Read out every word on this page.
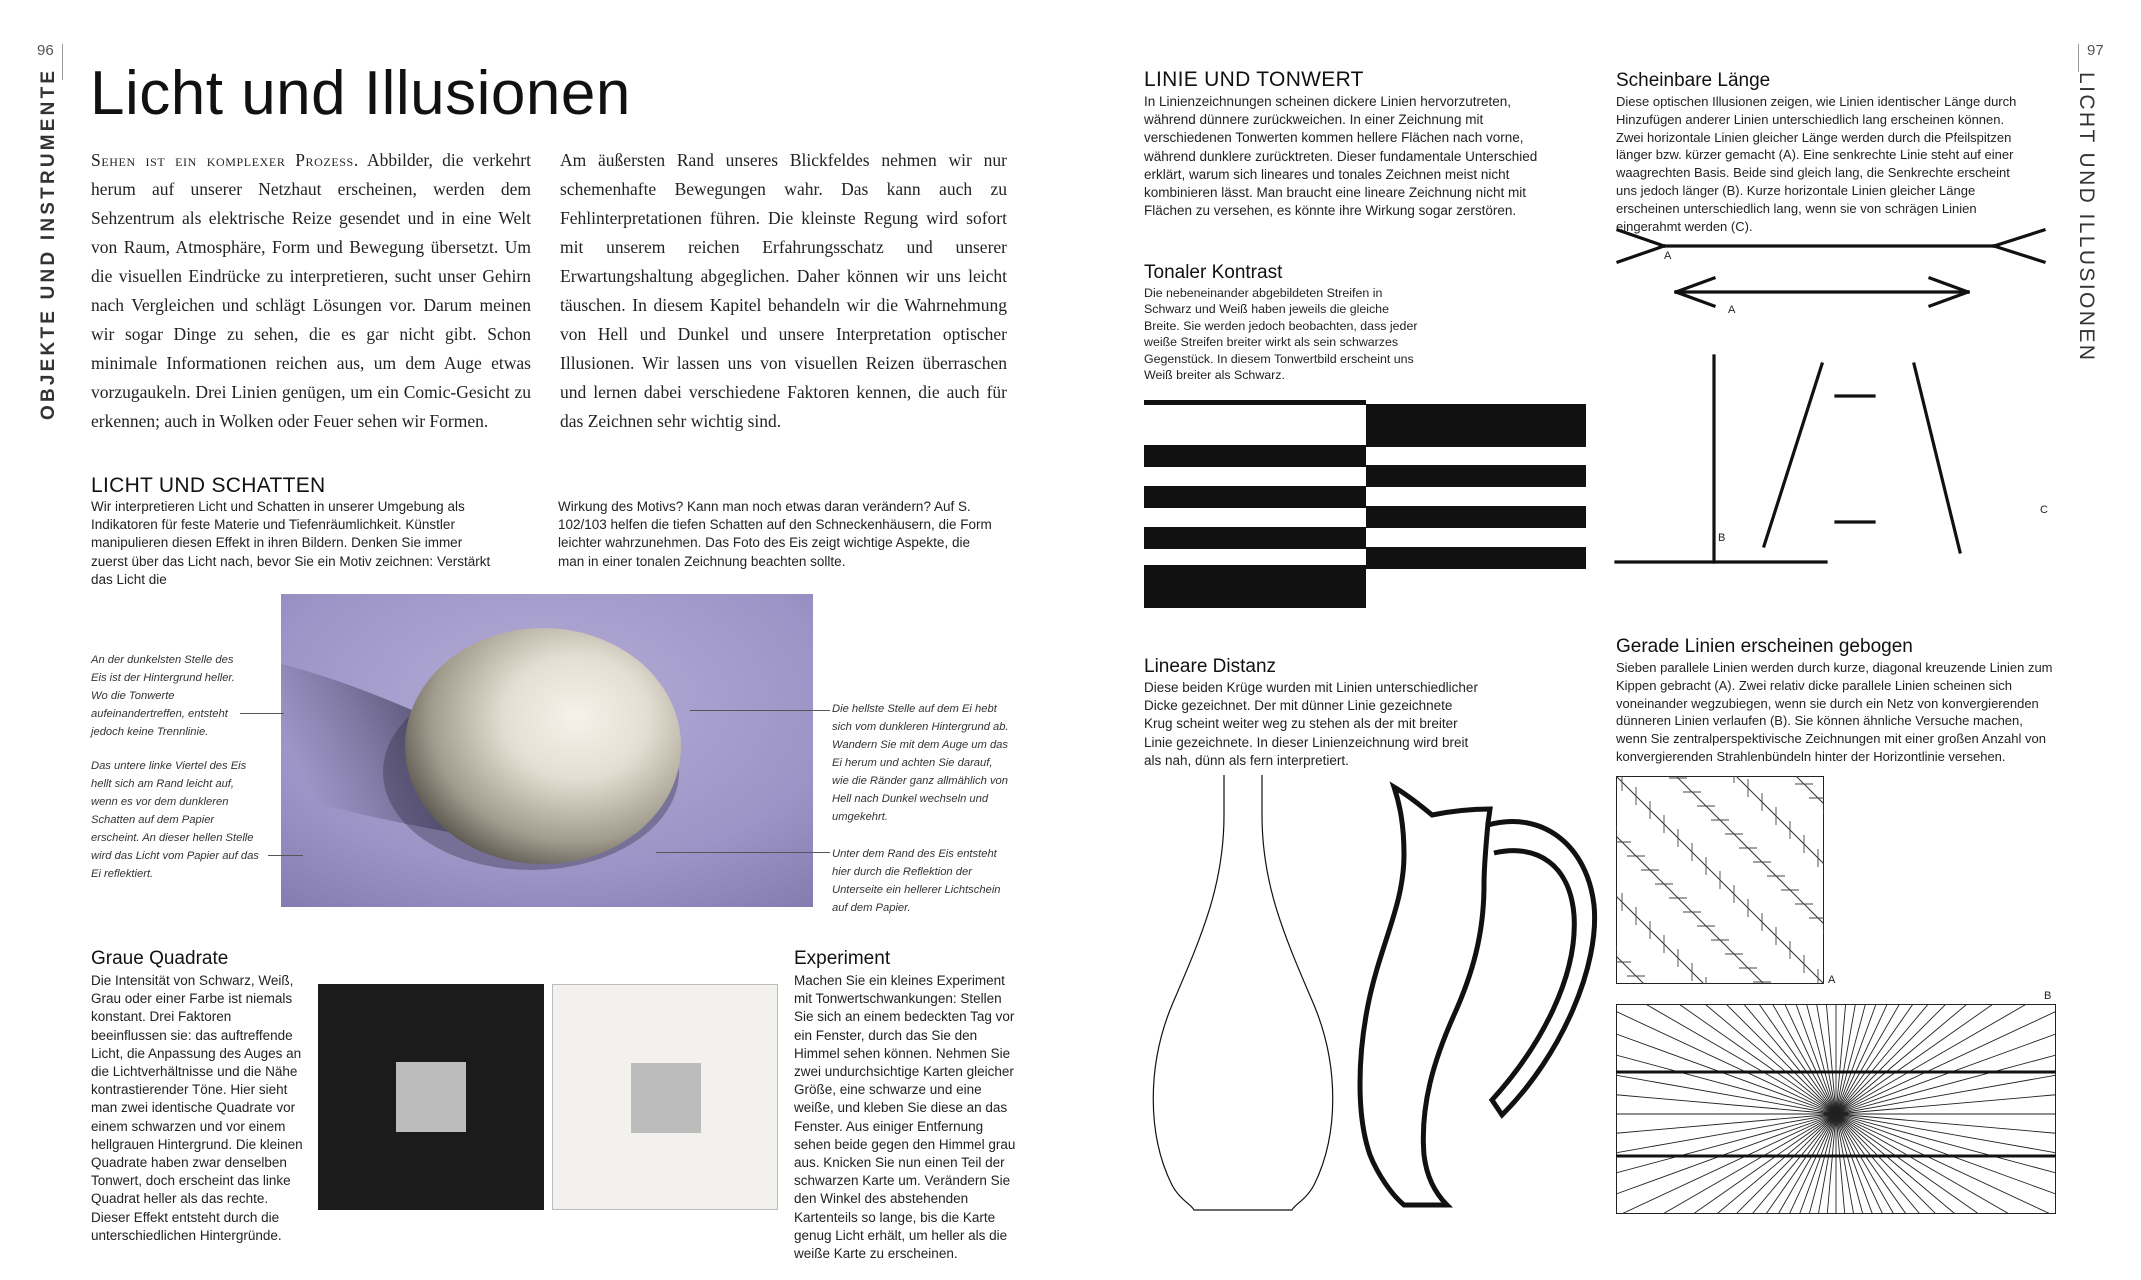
96
OBJEKTE UND INSTRUMENTE Licht und Illusionen
Sehen ist ein komplexer Prozess. Abbilder, die verkehrt herum auf unserer Netzhaut erscheinen, werden dem Sehzentrum als elektrische Reize gesendet und in eine Welt von Raum, Atmosphäre, Form und Bewegung übersetzt. Um die visuellen Eindrücke zu interpretieren, sucht unser Gehirn nach Vergleichen und schlägt Lösungen vor. Darum meinen wir sogar Dinge zu sehen, die es gar nicht gibt. Schon minimale Informationen reichen aus, um dem Auge etwas vorzugaukeln. Drei Linien genügen, um ein Comic-Gesicht zu erkennen; auch in Wolken oder Feuer sehen wir Formen.
Am äußersten Rand unseres Blickfeldes nehmen wir nur schemenhafte Bewegungen wahr. Das kann auch zu Fehlinterpretationen führen. Die kleinste Regung wird sofort mit unserem reichen Erfahrungsschatz und unserer Erwartungshaltung abgeglichen. Daher können wir uns leicht täuschen. In diesem Kapitel behandeln wir die Wahrnehmung von Hell und Dunkel und unsere Interpretation optischer Illusionen. Wir lassen uns von visuellen Reizen überraschen und lernen dabei verschiedene Faktoren kennen, die auch für das Zeichnen sehr wichtig sind.
LICHT UND SCHATTEN
Wir interpretieren Licht und Schatten in unserer Umgebung als Indikatoren für feste Materie und Tiefenräumlichkeit. Künstler manipulieren diesen Effekt in ihren Bildern. Denken Sie immer zuerst über das Licht nach, bevor Sie ein Motiv zeichnen: Verstärkt das Licht die
Wirkung des Motivs? Kann man noch etwas daran verändern? Auf S. 102/103 helfen die tiefen Schatten auf den Schneckenhäusern, die Form leichter wahrzunehmen. Das Foto des Eis zeigt wichtige Aspekte, die man in einer tonalen Zeichnung beachten sollte.
An der dunkelsten Stelle des Eis ist der Hintergrund heller. Wo die Tonwerte aufeinandertreffen, entsteht jedoch keine Trennlinie.
Das untere linke Viertel des Eis hellt sich am Rand leicht auf, wenn es vor dem dunkleren Schatten auf dem Papier erscheint. An dieser hellen Stelle wird das Licht vom Papier auf das Ei reflektiert.
Die hellste Stelle auf dem Ei hebt sich vom dunkleren Hintergrund ab. Wandern Sie mit dem Auge um das Ei herum und achten Sie darauf, wie die Ränder ganz allmählich von Hell nach Dunkel wechseln und umgekehrt.
Unter dem Rand des Eis entsteht hier durch die Reflektion der Unterseite ein hellerer Lichtschein auf dem Papier.
Graue Quadrate
Die Intensität von Schwarz, Weiß, Grau oder einer Farbe ist niemals konstant. Drei Faktoren beeinflussen sie: das auftreffende Licht, die Anpassung des Auges an die Lichtverhältnisse und die Nähe kontrastierender Töne. Hier sieht man zwei identische Quadrate vor einem schwarzen und vor einem hellgrauen Hintergrund. Die kleinen Quadrate haben zwar denselben Tonwert, doch erscheint das linke Quadrat heller als das rechte. Dieser Effekt entsteht durch die unterschiedlichen Hintergründe.
Experiment
Machen Sie ein kleines Experiment mit Tonwertschwankungen: Stellen Sie sich an einem bedeckten Tag vor ein Fenster, durch das Sie den Himmel sehen können. Nehmen Sie zwei undurchsichtige Karten gleicher Größe, eine schwarze und eine weiße, und kleben Sie diese an das Fenster. Aus einiger Entfernung sehen beide gegen den Himmel grau aus. Knicken Sie nun einen Teil der schwarzen Karte um. Verändern Sie den Winkel des abstehenden Kartenteils so lange, bis die Karte genug Licht erhält, um heller als die weiße Karte zu erscheinen.
97
LICHT UND ILLUSIONEN
LINIE UND TONWERT
In Linienzeichnungen scheinen dickere Linien hervorzutreten, während dünnere zurückweichen. In einer Zeichnung mit verschiedenen Tonwerten kommen hellere Flächen nach vorne, während dunklere zurücktreten. Dieser fundamentale Unterschied erklärt, warum sich lineares und tonales Zeichnen meist nicht kombinieren lässt. Man braucht eine lineare Zeichnung nicht mit Flächen zu versehen, es könnte ihre Wirkung sogar zerstören.
Tonaler Kontrast
Die nebeneinander abgebildeten Streifen in Schwarz und Weiß haben jeweils die gleiche Breite. Sie werden jedoch beobachten, dass jeder weiße Streifen breiter wirkt als sein schwarzes Gegenstück. In diesem Tonwertbild erscheint uns Weiß breiter als Schwarz.
Lineare Distanz
Diese beiden Krüge wurden mit Linien unterschiedlicher Dicke gezeichnet. Der mit dünner Linie gezeichnete Krug scheint weiter weg zu stehen als der mit breiter Linie gezeichnete. In dieser Linienzeichnung wird breit als nah, dünn als fern interpretiert.
Scheinbare Länge
Diese optischen Illusionen zeigen, wie Linien identischer Länge durch Hinzufügen anderer Linien unterschiedlich lang erscheinen können. Zwei horizontale Linien gleicher Länge werden durch die Pfeilspitzen länger bzw. kürzer gemacht (A). Eine senkrechte Linie steht auf einer waagrechten Basis. Beide sind gleich lang, die Senkrechte erscheint uns jedoch länger (B). Kurze horizontale Linien gleicher Länge erscheinen unterschiedlich lang, wenn sie von schrägen Linien eingerahmt werden (C).
A
A
B
C
Gerade Linien erscheinen gebogen
Sieben parallele Linien werden durch kurze, diagonal kreuzende Linien zum Kippen gebracht (A). Zwei relativ dicke parallele Linien scheinen sich voneinander wegzubiegen, wenn sie durch ein Netz von konvergierenden dünneren Linien verlaufen (B). Sie können ähnliche Versuche machen, wenn Sie zentralperspektivische Zeichnungen mit einer großen Anzahl von konvergierenden Strahlenbündeln hinter der Horizontlinie versehen.
A
B
